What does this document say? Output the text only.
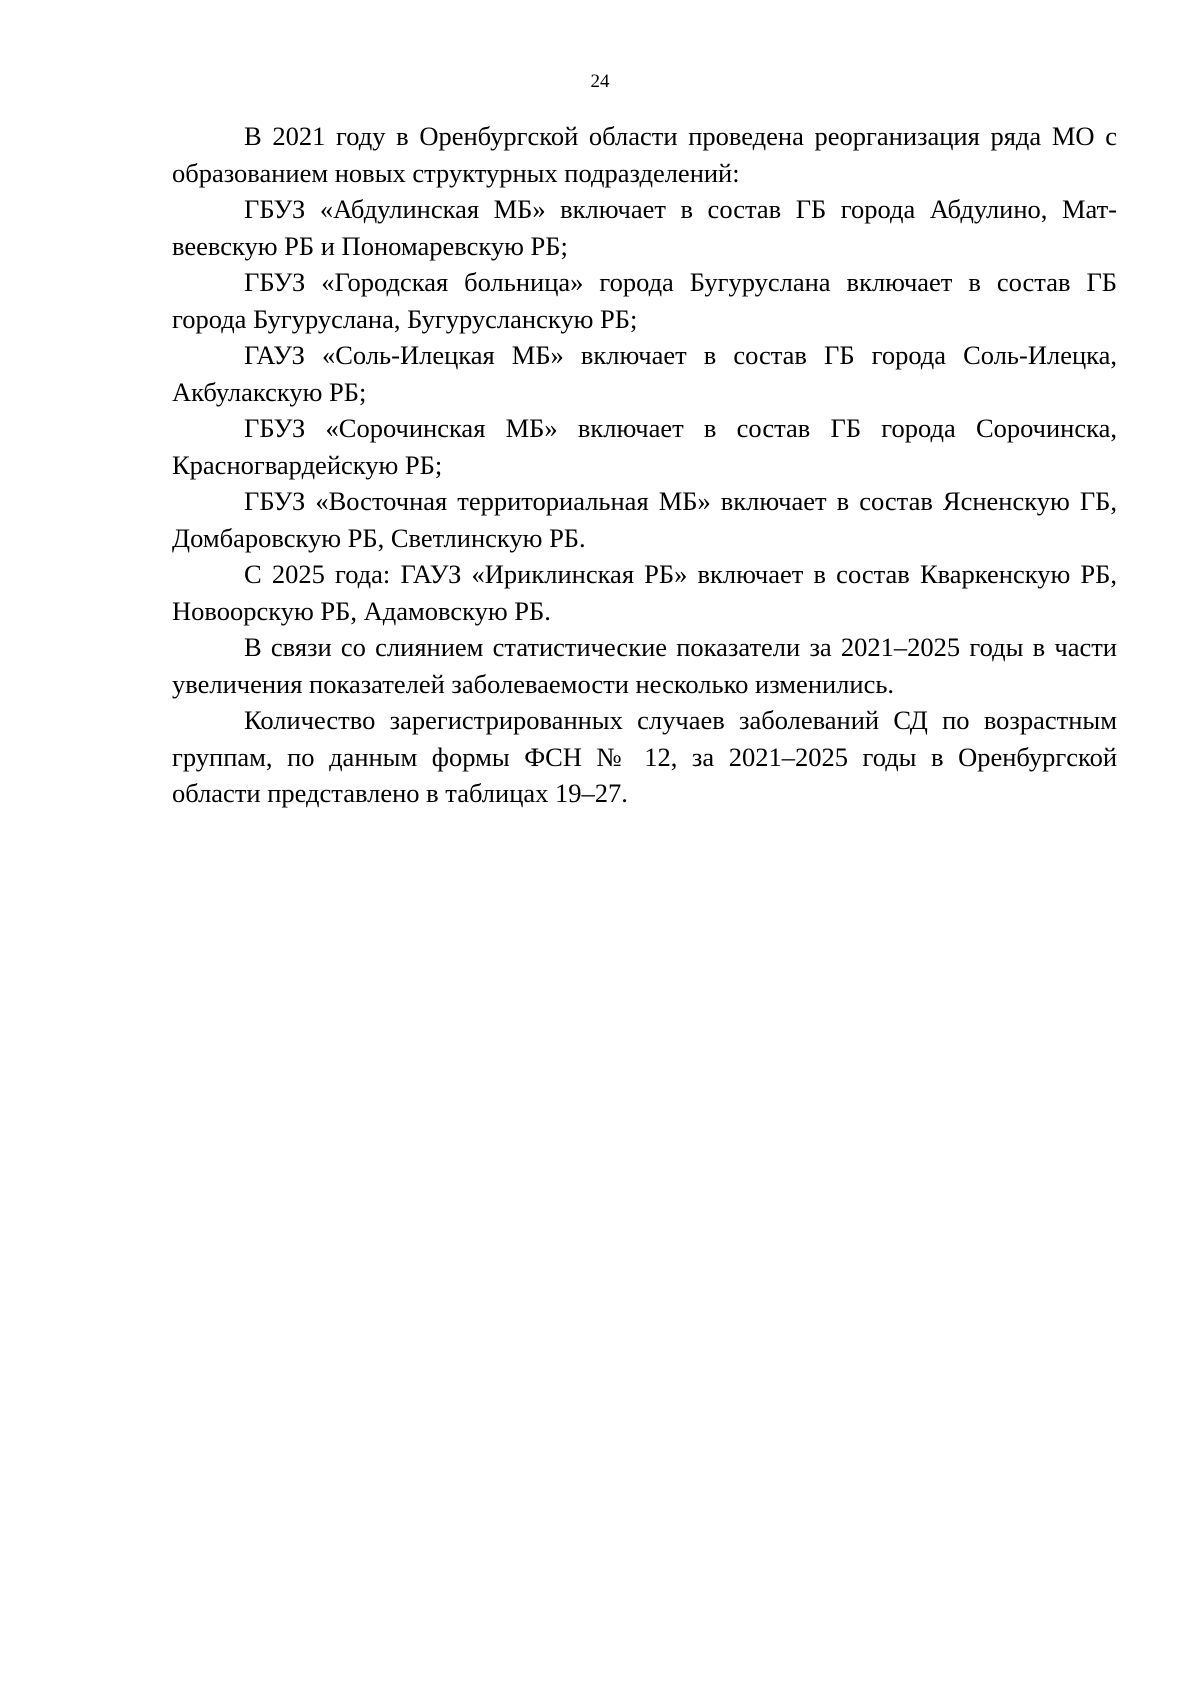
24

В 2021 году в Оренбургской области проведена реорганизация ряда МО с образованием новых структурных подразделений:

ГБУЗ «Абдулинская МБ» включает в состав ГБ города Абдулино, Матвеевскую РБ и Пономаревскую РБ;

ГБУЗ «Городская больница» города Бугуруслана включает в состав ГБ города Бугуруслана, Бугурусланскую РБ;

ГАУЗ «Соль-Илецкая МБ» включает в состав ГБ города Соль-Илецка, Акбулакскую РБ;

ГБУЗ «Сорочинская МБ» включает в состав ГБ города Сорочинска, Красногвардейскую РБ;

ГБУЗ «Восточная территориальная МБ» включает в состав Ясненскую ГБ, Домбаровскую РБ, Светлинскую РБ.

С 2025 года: ГАУЗ «Ириклинская РБ» включает в состав Кваркенскую РБ, Новоорскую РБ, Адамовскую РБ.

В связи со слиянием статистические показатели за 2021–2025 годы в части увеличения показателей заболеваемости несколько изменились.

Количество зарегистрированных случаев заболеваний СД по возрастным группам, по данным формы ФСН № 12, за 2021–2025 годы в Оренбургской области представлено в таблицах 19–27.
